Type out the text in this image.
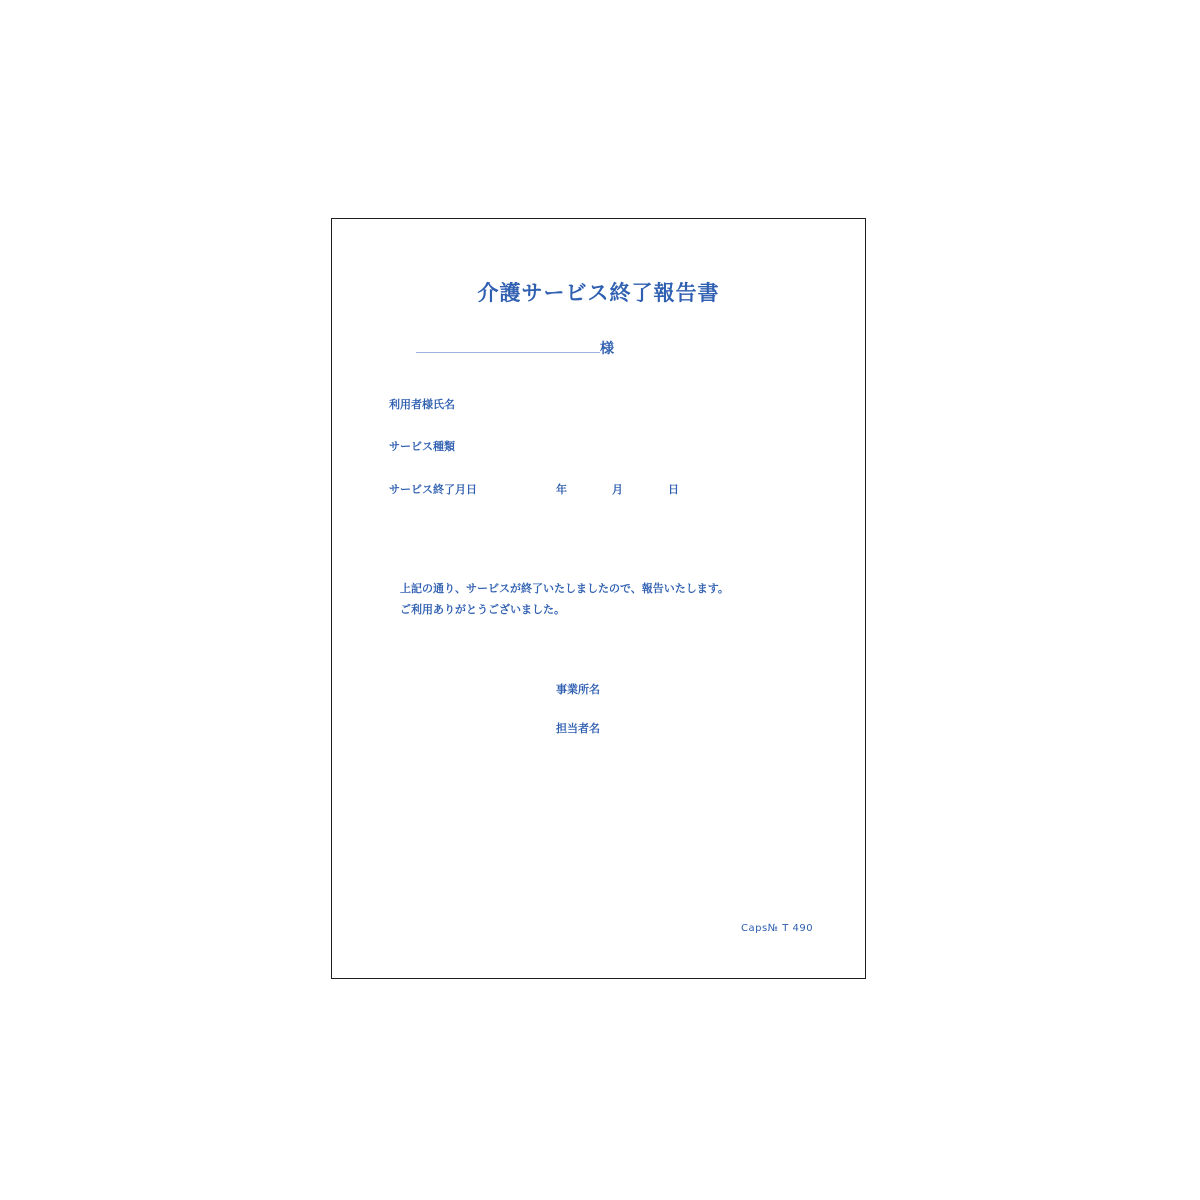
介護サービス終了報告書
様
利用者様氏名
サービス種類
サービス終了月日	年	月	日
上記の通り、サービスが終了いたしましたので、報告いたします。
ご利用ありがとうございました。
事業所名
担当者名
Caps№ T 490
